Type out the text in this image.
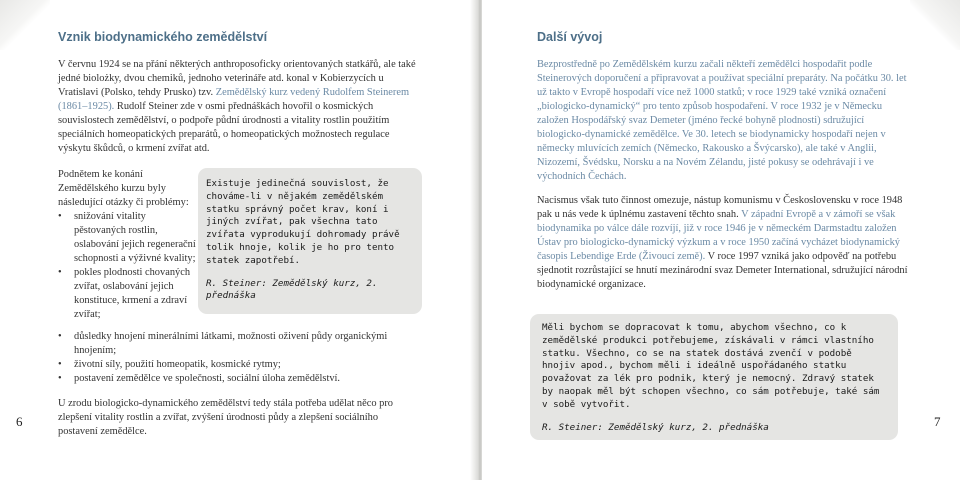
Vznik biodynamického zemědělství
V červnu 1924 se na přání některých anthroposoficky orientovaných statkářů, ale také jedné biolożky, dvou chemiků, jednoho veterináře atd. konal v Kobierzycích u Vratislavi (Polsko, tehdy Prusko) tzv. Zemědělský kurz vedený Rudolfem Steinerem (1861–1925). Rudolf Steiner zde v osmi přednáškách hovořil o kosmických souvislostech zemědělství, o podpoře půdní úrodnosti a vitality rostlin použitím speciálních homeopatických preparátů, o homeopatických možnostech regulace výskytu škůdců, o krmení zvířat atd.
Podnětem ke konání Zemědělského kurzu byly následující otázky či problémy:
• snižování vitality pěstovaných rostlin, oslabování jejich regenerační schopnosti a výživné kvality;
• pokles plodnosti chovaných zvířat, oslabování jejich konstituce, krmení a zdraví zvířat;
• důsledky hnojení minerálními látkami, možnosti oživení půdy organickými hnojením;
• životní síly, použití homeopatik, kosmické rytmy;
• postavení zemědělce ve společnosti, sociální úloha zemědělství.
U zrodu biologicko-dynamického zemědělství tedy stála potřeba udělat něco pro zlepšení vitality rostlin a zvířat, zvýšení úrodnosti půdy a zlepšení sociálního postavení zemědělce.

Existuje jedinečná souvislost, že chováme-li v nějakém zemědělském statku správný počet krav, koní i jiných zvířat, pak všechna tato zvířata vyprodukují dohromady právě tolik hnoje, kolik je ho pro tento statek zapotřebí.

R. Steiner: Zemědělský kurz, 2. přednáška

6
Další vývoj
Bezprostředně po Zemědělském kurzu začali někteří zemědělci hospodařit podle Steinerových doporučení a připravovat a používat speciální preparáty. Na počátku 30. let už takto v Evropě hospodaří více než 1000 statků; v roce 1929 také vzniká označení „biologicko-dynamický“ pro tento způsob hospodaření. V roce 1932 je v Německu založen Hospodářský svaz Demeter (jméno řecké bohyně plodnosti) sdružující biologicko-dynamické zemědělce. Ve 30. letech se biodynamicky hospodaří nejen v německy mluvících zemích (Německo, Rakousko a Švýcarsko), ale také v Anglii, Nizozemí, Švédsku, Norsku a na Novém Zélandu, jisté pokusy se odehrávají i ve východních Čechách.
Nacismus však tuto činnost omezuje, nástup komunismu v Československu v roce 1948 pak u nás vede k úplnému zastavení těchto snah. V západní Evropě a v zámoří se však biodynamika po válce dále rozvíjí, již v roce 1946 je v německém Darmstadtu založen Ústav pro biologicko-dynamický výzkum a v roce 1950 začíná vycházet biodynamický časopis Lebendige Erde (Živoucí země). V roce 1997 vzniká jako odpověď na potřebu sjednotit rozrůstající se hnutí mezinárodní svaz Demeter International, sdružující národní biodynamické organizace.

Měli bychom se dopracovat k tomu, abychom všechno, co k zemědělské produkci potřebujeme, získávali v rámci vlastního statku. Všechno, co se na statek dostává zvenčí v podobě hnojiv apod., bychom měli i ideálně uspořádaného statku považovat za lék pro podnik, který je nemocný. Zdravý statek by naopak měl být schopen všechno, co sám potřebuje, také sám v sobě vytvořit.

R. Steiner: Zemědělský kurz, 2. přednáška	7
